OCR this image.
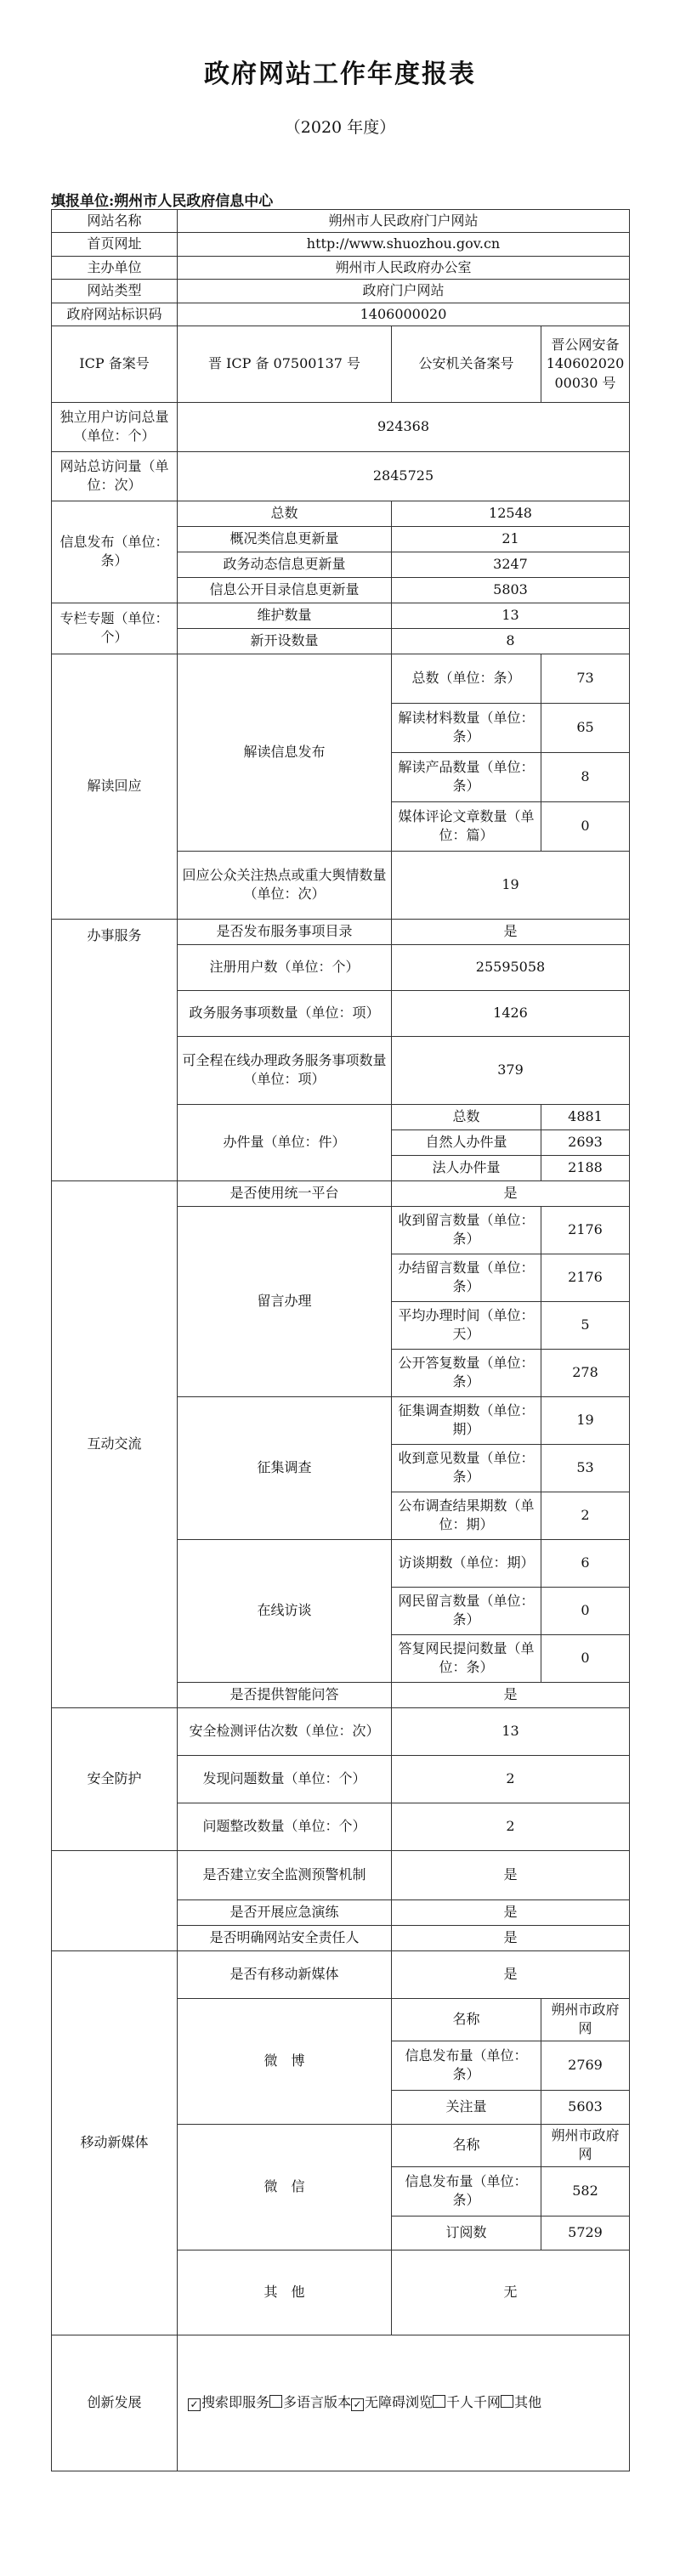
政府网站工作年度报表
（2020 年度）
填报单位:朔州市人民政府信息中心
网站名称	朔州市人民政府门户网站		
首页网址	http://www.shuozhou.gov.cn		
主办单位	朔州市人民政府办公室		
网站类型	政府门户网站		
政府网站标识码	1406000020		
ICP 备案号	晋 ICP 备 07500137 号	公安机关备案号	晋公网安备 14060202000030 号
独立用户访问总量（单位：个）	924368		
网站总访问量（单位：次）	2845725		
信息发布（单位：条）	总数	12548	
	概况类信息更新量	21	
	政务动态信息更新量	3247	
	信息公开目录信息更新量	5803	
专栏专题（单位：个）	维护数量	13	
	新开设数量	8	
解读回应	解读信息发布	总数（单位：条）	73
		解读材料数量（单位：条）	65
		解读产品数量（单位：条）	8
		媒体评论文章数量（单位：篇）	0
	回应公众关注热点或重大舆情数量（单位：次）	19	
办事服务	是否发布服务事项目录	是	
	注册用户数（单位：个）	25595058	
	政务服务事项数量（单位：项）	1426	
	可全程在线办理政务服务事项数量（单位：项）	379	
	办件量（单位：件）	总数	4881
		自然人办件量	2693
		法人办件量	2188
互动交流	是否使用统一平台	是	
	留言办理	收到留言数量（单位：条）	2176
		办结留言数量（单位：条）	2176
		平均办理时间（单位：天）	5
		公开答复数量（单位：条）	278
	征集调查	征集调查期数（单位：期）	19
		收到意见数量（单位：条）	53
		公布调查结果期数（单位：期）	2
	在线访谈	访谈期数（单位：期）	6
		网民留言数量（单位：条）	0
		答复网民提问数量（单位：条）	0
	是否提供智能问答	是	
安全防护	安全检测评估次数（单位：次）	13	
	发现问题数量（单位：个）	2	
	问题整改数量（单位：个）	2	
	是否建立安全监测预警机制	是	
	是否开展应急演练	是	
	是否明确网站安全责任人	是	
移动新媒体	是否有移动新媒体	是	
	微　博	名称	朔州市政府网
		信息发布量（单位：条）	2769
		关注量	5603
	微　信	名称	朔州市政府网
		信息发布量（单位：条）	582
		订阅数	5729
	其　他	无	
创新发展	✓ 搜索即服务 多语言版本 ✓ 无障碍浏览 千人千网 其他		
